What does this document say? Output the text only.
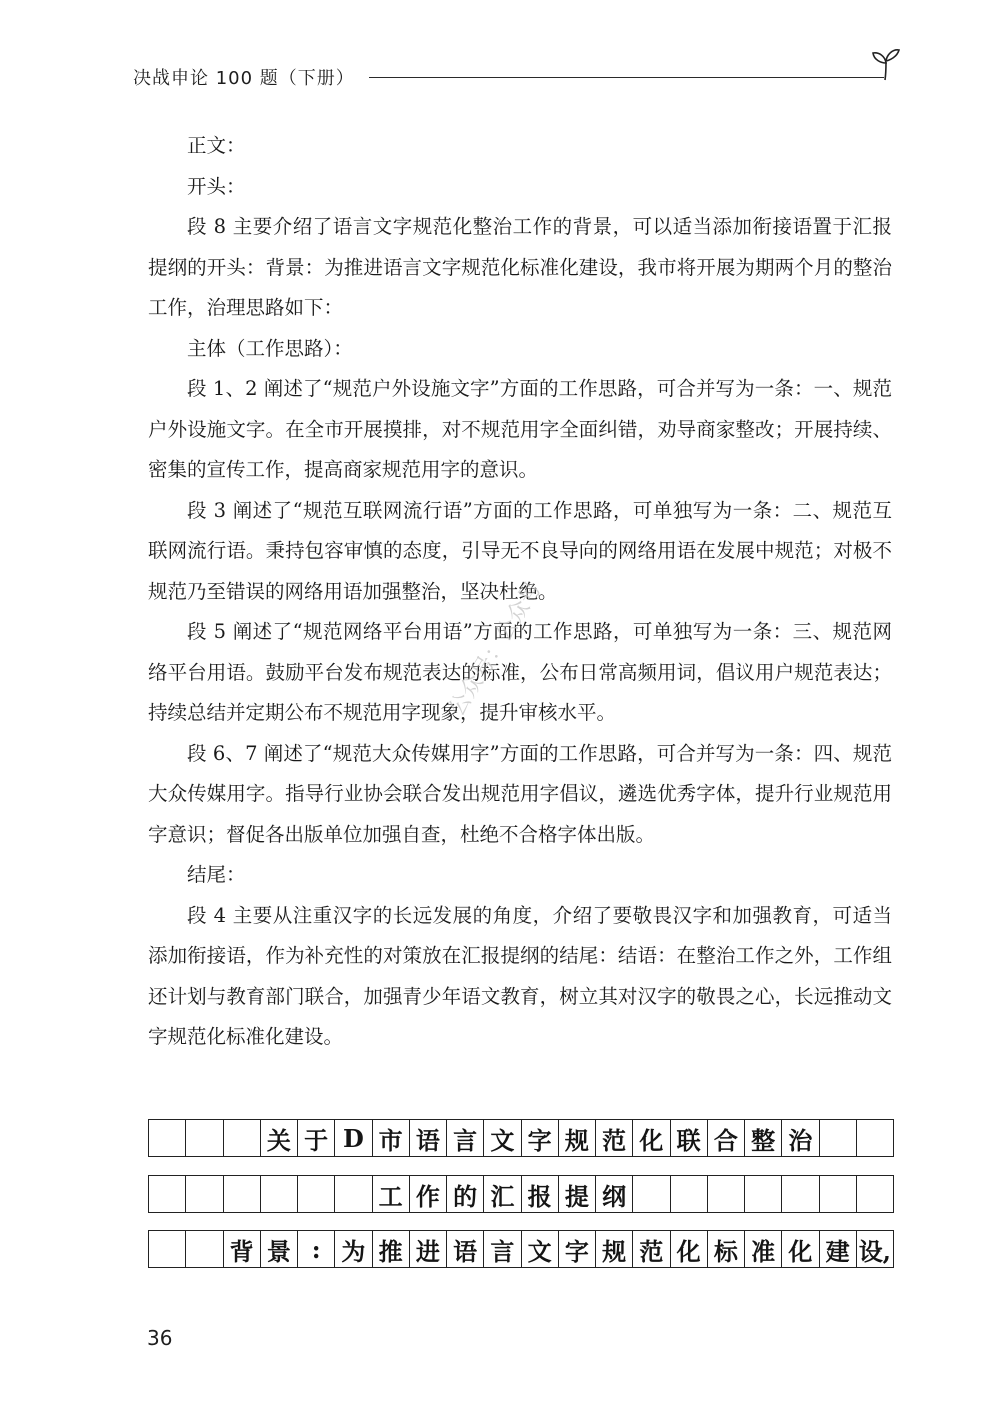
决战申论 100 题（下册）

正文：

开头：

段 8 主要介绍了语言文字规范化整治工作的背景，可以适当添加衔接语置于汇报提纲的开头：背景：为推进语言文字规范化标准化建设，我市将开展为期两个月的整治工作，治理思路如下：

主体（工作思路）：

段 1、2 阐述了“规范户外设施文字”方面的工作思路，可合并写为一条：一、规范户外设施文字。在全市开展摸排，对不规范用字全面纠错，劝导商家整改；开展持续、密集的宣传工作，提高商家规范用字的意识。

段 3 阐述了“规范互联网流行语”方面的工作思路，可单独写为一条：二、规范互联网流行语。秉持包容审慎的态度，引导无不良导向的网络用语在发展中规范；对极不规范乃至错误的网络用语加强整治，坚决杜绝。

段 5 阐述了“规范网络平台用语”方面的工作思路，可单独写为一条：三、规范网络平台用语。鼓励平台发布规范表达的标准，公布日常高频用词，倡议用户规范表达；持续总结并定期公布不规范用字现象，提升审核水平。

段 6、7 阐述了“规范大众传媒用字”方面的工作思路，可合并写为一条：四、规范大众传媒用字。指导行业协会联合发出规范用字倡议，遴选优秀字体，提升行业规范用字意识；督促各出版单位加强自查，杜绝不合格字体出版。

结尾：

段 4 主要从注重汉字的长远发展的角度，介绍了要敬畏汉字和加强教育，可适当添加衔接语，作为补充性的对策放在汇报提纲的结尾：结语：在整治工作之外，工作组还计划与教育部门联合，加强青少年语文教育，树立其对汉字的敬畏之心，长远推动文字规范化标准化建设。

公众号：公众号
关 于 D 市 语 言 文 字 规 范 化 联 合 整 治
工 作 的 汇 报 提 纲
背 景 : 为 推 进 语 言 文 字 规 范 化 标 准 化 建 设,
36
